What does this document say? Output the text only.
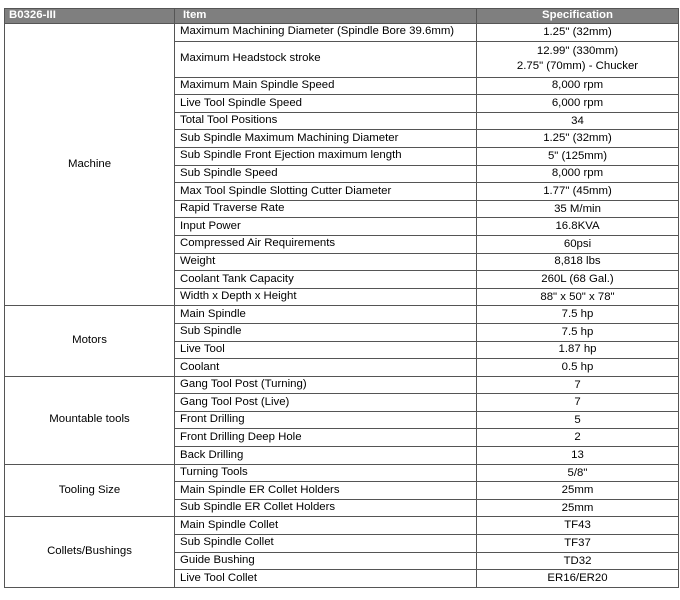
B0326-III	Item	Specification
Machine	Maximum Machining Diameter (Spindle Bore 39.6mm)	1.25" (32mm)

	Maximum Headstock stroke	12.99" (330mm)
2.75" (70mm) - Chucker

	Maximum Main Spindle Speed	8,000 rpm

	Live Tool Spindle Speed	6,000 rpm

	Total Tool Positions	34

	Sub Spindle Maximum Machining Diameter	1.25" (32mm)

	Sub Spindle Front Ejection maximum length	5" (125mm)

	Sub Spindle Speed	8,000 rpm

	Max Tool Spindle Slotting Cutter Diameter	1.77" (45mm)

	Rapid Traverse Rate	35 M/min

	Input Power	16.8KVA

	Compressed Air Requirements	60psi

	Weight	8,818 lbs

	Coolant Tank Capacity	260L (68 Gal.)

	Width x Depth x Height	88" x 50" x 78"

Motors	Main Spindle	7.5 hp

	Sub Spindle	7.5 hp

	Live Tool	1.87 hp

	Coolant	0.5 hp

Mountable tools	Gang Tool Post (Turning)	7

	Gang Tool Post (Live)	7

	Front Drilling	5

	Front Drilling Deep Hole	2

	Back Drilling	13

Tooling Size	Turning Tools	5/8"

	Main Spindle ER Collet Holders	25mm

	Sub Spindle ER Collet Holders	25mm

Collets/Bushings	Main Spindle Collet	TF43

	Sub Spindle Collet	TF37

	Guide Bushing	TD32

	Live Tool Collet	ER16/ER20
